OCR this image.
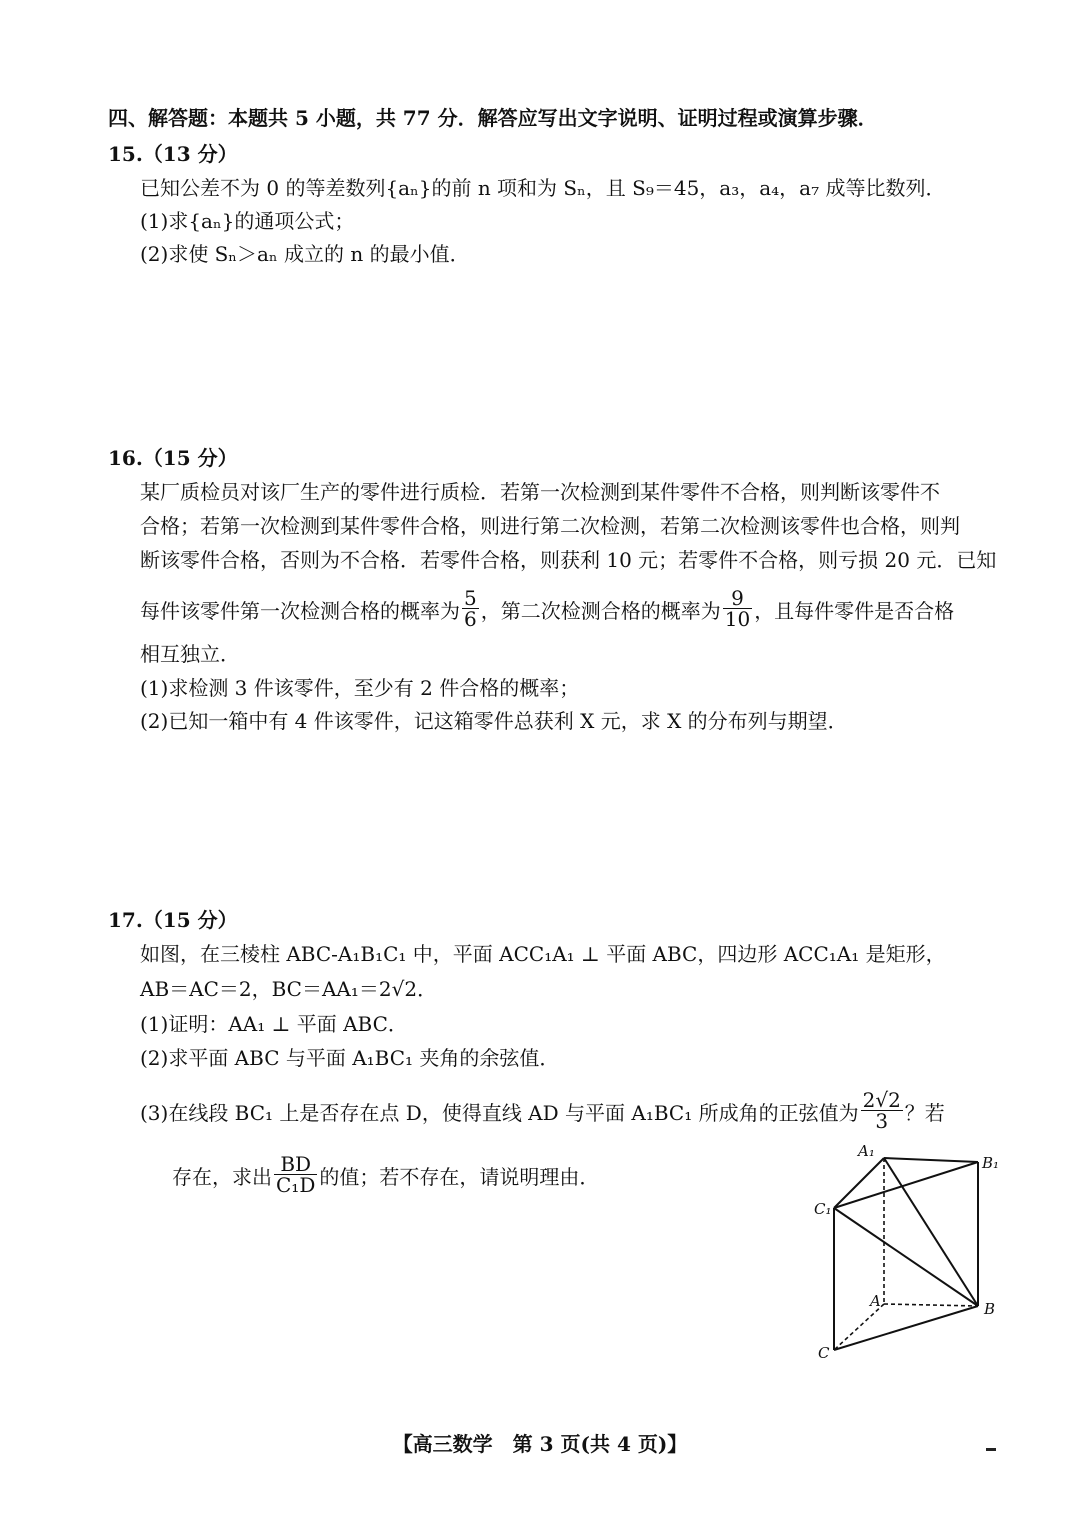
四、解答题：本题共 5 小题，共 77 分．解答应写出文字说明、证明过程或演算步骤．
15.（13 分）
已知公差不为 0 的等差数列{aₙ}的前 n 项和为 Sₙ，且 S₉＝45，a₃，a₄，a₇ 成等比数列．
(1)求{aₙ}的通项公式；
(2)求使 Sₙ＞aₙ 成立的 n 的最小值．
16.（15 分）
某厂质检员对该厂生产的零件进行质检．若第一次检测到某件零件不合格，则判断该零件不
合格；若第一次检测到某件零件合格，则进行第二次检测，若第二次检测该零件也合格，则判
断该零件合格，否则为不合格．若零件合格，则获利 10 元；若零件不合格，则亏损 20 元．已知
每件该零件第一次检测合格的概率为 $\frac{5}{6}$ ，第二次检测合格的概率为 $\frac{9}{10}$ ，且每件零件是否合格
相互独立．
(1)求检测 3 件该零件，至少有 2 件合格的概率；
(2)已知一箱中有 4 件该零件，记这箱零件总获利 X 元，求 X 的分布列与期望．
17.（15 分）
如图，在三棱柱 ABC-A₁B₁C₁ 中，平面 ACC₁A₁ ⊥ 平面 ABC，四边形 ACC₁A₁ 是矩形，
AB＝AC＝2，BC＝AA₁＝2√2．
(1)证明：AA₁ ⊥ 平面 ABC．
(2)求平面 ABC 与平面 A₁BC₁ 夹角的余弦值．
(3)在线段 BC₁ 上是否存在点 D，使得直线 AD 与平面 A₁BC₁ 所成角的正弦值为 $\frac{2√2}{3}$ ？若
存在，求出 $\frac{BD}{\text{C₁D}}$ 的值；若不存在，请说明理由．
A₁
B₁
C₁
A	B
C
【高三数学　第 3 页(共 4 页)】
